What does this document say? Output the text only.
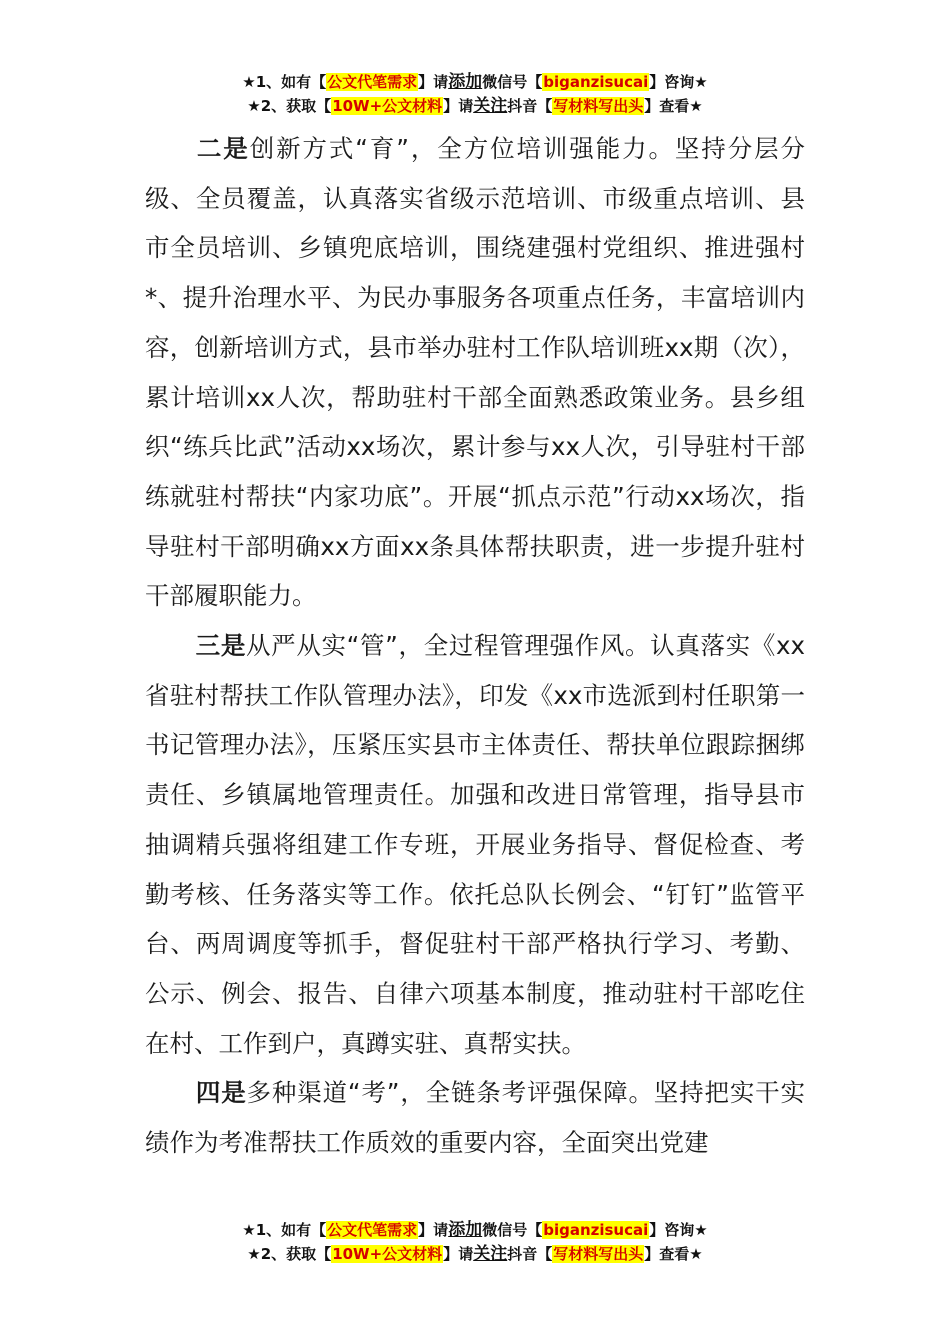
★1、如有【公文代笔需求】请添加微信号【biganzisucai】咨询★
★2、获取【10W+公文材料】请关注抖音【写材料写出头】查看★

二是创新方式“育”，全方位培训强能力。坚持分层分级、全员覆盖，认真落实省级示范培训、市级重点培训、县市全员培训、乡镇兜底培训，围绕建强村党组织、推进强村*、提升治理水平、为民办事服务各项重点任务，丰富培训内容，创新培训方式，县市举办驻村工作队培训班xx期（次），累计培训xx人次，帮助驻村干部全面熟悉政策业务。县乡组织“练兵比武”活动xx场次，累计参与xx人次，引导驻村干部练就驻村帮扶“内家功底”。开展“抓点示范”行动xx场次，指导驻村干部明确xx方面xx条具体帮扶职责，进一步提升驻村干部履职能力。

三是从严从实“管”，全过程管理强作风。认真落实《xx省驻村帮扶工作队管理办法》，印发《xx市选派到村任职第一书记管理办法》，压紧压实县市主体责任、帮扶单位跟踪捆绑责任、乡镇属地管理责任。加强和改进日常管理，指导县市抽调精兵强将组建工作专班，开展业务指导、督促检查、考勤考核、任务落实等工作。依托总队长例会、“钉钉”监管平台、两周调度等抓手，督促驻村干部严格执行学习、考勤、公示、例会、报告、自律六项基本制度，推动驻村干部吃住在村、工作到户，真蹲实驻、真帮实扶。

四是多种渠道“考”，全链条考评强保障。坚持把实干实绩作为考准帮扶工作质效的重要内容，全面突出党建

★1、如有【公文代笔需求】请添加微信号【biganzisucai】咨询★
★2、获取【10W+公文材料】请关注抖音【写材料写出头】查看★
